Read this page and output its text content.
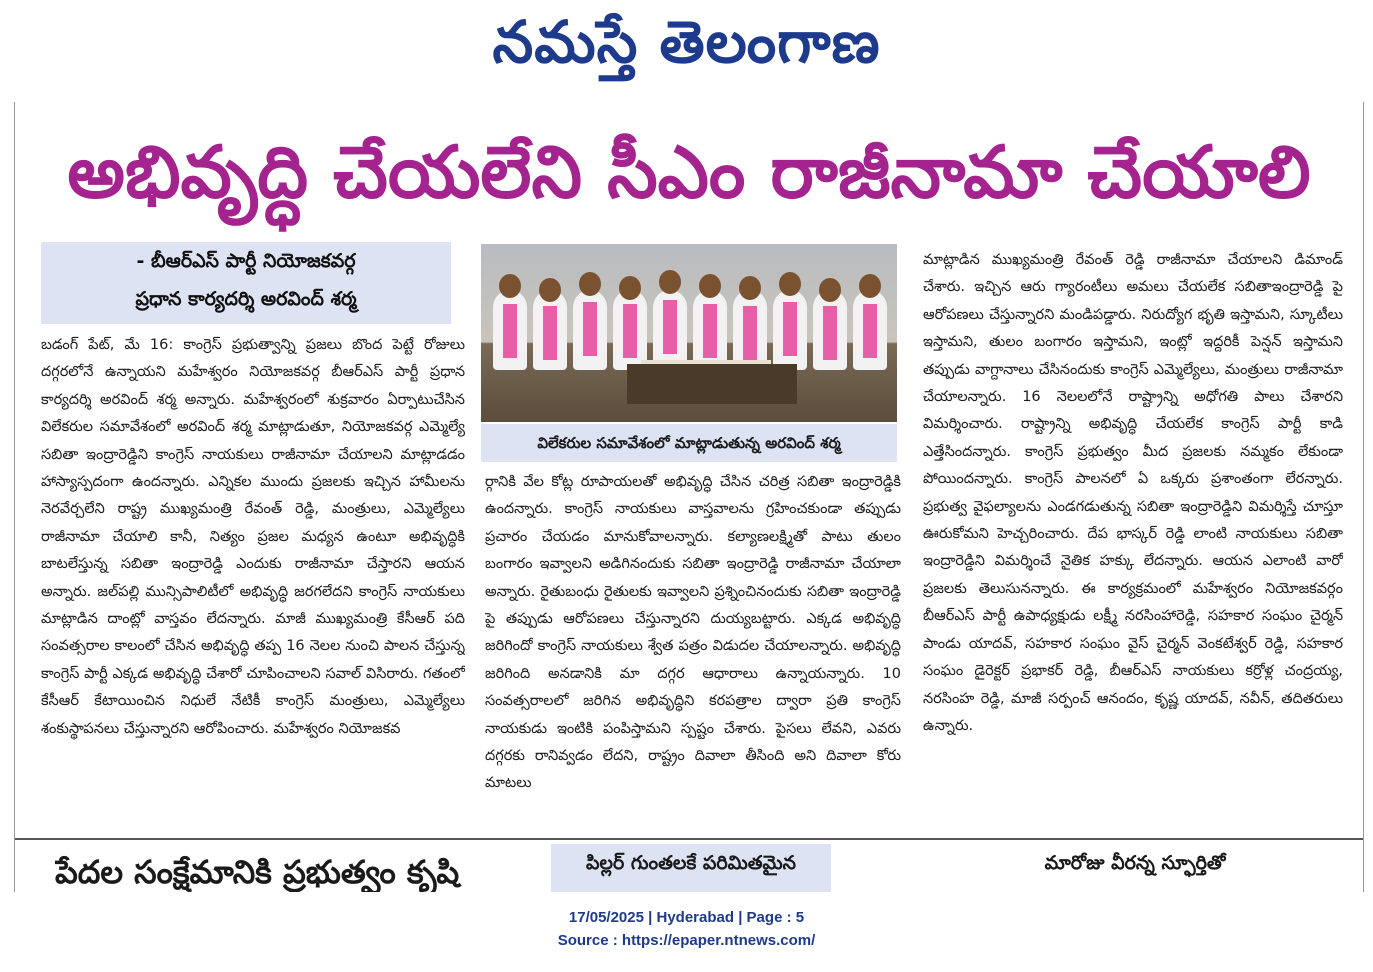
నమస్తే తెలంగాణ
అభివృద్ధి చేయలేని సీఎం రాజీనామా చేయాలి
- బీఆర్‌ఎస్ పార్టీ నియోజకవర్గ
ప్రధాన కార్యదర్శి అరవింద్ శర్మ

బడంగ్ పేట్, మే 16: కాంగ్రెస్ ప్రభుత్వాన్ని ప్రజలు బొంద పెట్టే రోజులు దగ్గరలోనే ఉన్నాయని మహేశ్వరం నియోజకవర్గ బీఆర్‌ఎస్ పార్టీ ప్రధాన కార్యదర్శి అరవింద్ శర్మ అన్నారు. మహేశ్వరంలో శుక్రవారం ఏర్పాటుచేసిన విలేకరుల సమావేశంలో అరవింద్ శర్మ మాట్లాడుతూ, నియోజకవర్గ ఎమ్మెల్యే సబితా ఇంద్రారెడ్డిని కాంగ్రెస్ నాయకులు రాజీనామా చేయాలని మాట్లాడడం హాస్యాస్పదంగా ఉందన్నారు. ఎన్నికల ముందు ప్రజలకు ఇచ్చిన హామీలను నెరవేర్చలేని రాష్ట్ర ముఖ్యమంత్రి రేవంత్ రెడ్డి, మంత్రులు, ఎమ్మెల్యేలు రాజీనామా చేయాలి కానీ, నిత్యం ప్రజల మధ్యన ఉంటూ అభివృద్ధికి బాటలేస్తున్న సబితా ఇంద్రారెడ్డి ఎందుకు రాజీనామా చేస్తారని ఆయన అన్నారు. జల్‌పల్లి మున్సిపాలిటీలో అభివృద్ధి జరగలేదని కాంగ్రెస్ నాయకులు మాట్లాడిన దాంట్లో వాస్తవం లేదన్నారు. మాజీ ముఖ్యమంత్రి కేసీఆర్ పది సంవత్సరాల కాలంలో చేసిన అభివృద్ధి తప్ప 16 నెలల నుంచి పాలన చేస్తున్న కాంగ్రెస్ పార్టీ ఎక్కడ అభివృద్ధి చేశారో చూపించాలని సవాల్ విసిరారు. గతంలో కేసీఆర్ కేటాయించిన నిధులే నేటికీ కాంగ్రెస్ మంత్రులు, ఎమ్మెల్యేలు శంకుస్థాపనలు చేస్తున్నారని ఆరోపించారు. మహేశ్వరం నియోజకవ

విలేకరుల సమావేశంలో మాట్లాడుతున్న అరవింద్ శర్మ

ర్గానికి వేల కోట్ల రూపాయలతో అభివృద్ధి చేసిన చరిత్ర సబితా ఇంద్రారెడ్డికి ఉందన్నారు. కాంగ్రెస్ నాయకులు వాస్తవాలను గ్రహించకుండా తప్పుడు ప్రచారం చేయడం మానుకోవాలన్నారు. కల్యాణలక్ష్మితో పాటు తులం బంగారం ఇవ్వాలని అడిగినందుకు సబితా ఇంద్రారెడ్డి రాజీనామా చేయాలా అన్నారు. రైతుబంధు రైతులకు ఇవ్వాలని ప్రశ్నించినందుకు సబితా ఇంద్రారెడ్డి పై తప్పుడు ఆరోపణలు చేస్తున్నారని దుయ్యబట్టారు. ఎక్కడ అభివృద్ధి జరిగిందో కాంగ్రెస్ నాయకులు శ్వేత పత్రం విడుదల చేయాలన్నారు. అభివృద్ధి జరిగింది అనడానికి మా దగ్గర ఆధారాలు ఉన్నాయన్నారు. 10 సంవత్సరాలలో జరిగిన అభివృద్ధిని కరపత్రాల ద్వారా ప్రతి కాంగ్రెస్ నాయకుడు ఇంటికి పంపిస్తామని స్పష్టం చేశారు. పైసలు లేవని, ఎవరు దగ్గరకు రానివ్వడం లేదని, రాష్ట్రం దివాలా తీసింది అని దివాలా కోరు మాటలు

మాట్లాడిన ముఖ్యమంత్రి రేవంత్ రెడ్డి రాజీనామా చేయాలని డిమాండ్ చేశారు. ఇచ్చిన ఆరు గ్యారంటీలు అమలు చేయలేక సబితాఇంద్రారెడ్డి పై ఆరోపణలు చేస్తున్నారని మండిపడ్డారు. నిరుద్యోగ భృతి ఇస్తామని, స్కూటీలు ఇస్తామని, తులం బంగారం ఇస్తామని, ఇంట్లో ఇద్దరికీ పెన్షన్ ఇస్తామని తప్పుడు వాగ్దానాలు చేసినందుకు కాంగ్రెస్ ఎమ్మెల్యేలు, మంత్రులు రాజీనామా చేయాలన్నారు. 16 నెలలలోనే రాష్ట్రాన్ని అధోగతి పాలు చేశారని విమర్శించారు. రాష్ట్రాన్ని అభివృద్ధి చేయలేక కాంగ్రెస్ పార్టీ కాడి ఎత్తేసిందన్నారు. కాంగ్రెస్ ప్రభుత్వం మీద ప్రజలకు నమ్మకం లేకుండా పోయిందన్నారు. కాంగ్రెస్ పాలనలో ఏ ఒక్కరు ప్రశాంతంగా లేరన్నారు. ప్రభుత్వ వైఫల్యాలను ఎండగడుతున్న సబితా ఇంద్రారెడ్డిని విమర్శిస్తే చూస్తూ ఊరుకోమని హెచ్చరించారు. దేప భాస్కర్ రెడ్డి లాంటి నాయకులు సబితా ఇంద్రారెడ్డిని విమర్శించే నైతిక హక్కు లేదన్నారు. ఆయన ఎలాంటి వారో ప్రజలకు తెలుసునన్నారు. ఈ కార్యక్రమంలో మహేశ్వరం నియోజకవర్గం బీఆర్‌ఎస్ పార్టీ ఉపాధ్యక్షుడు లక్ష్మీ నరసింహారెడ్డి, సహకార సంఘం చైర్మన్ పాండు యాదవ్, సహకార సంఘం వైస్ చైర్మన్ వెంకటేశ్వర్ రెడ్డి, సహకార సంఘం డైరెక్టర్ ప్రభాకర్ రెడ్డి, బీఆర్‌ఎస్ నాయకులు కర్రోళ్ల చంద్రయ్య, నరసింహ రెడ్డి, మాజీ సర్పంచ్ ఆనందం, కృష్ణ యాదవ్, నవీన్, తదితరులు ఉన్నారు.

పేదల సంక్షేమానికి ప్రభుత్వం కృషి	పిల్లర్ గుంతలకే పరిమితమైన	మారోజు వీరన్న స్ఫూర్తితో
17/05/2025 | Hyderabad | Page : 5
Source : https://epaper.ntnews.com/
